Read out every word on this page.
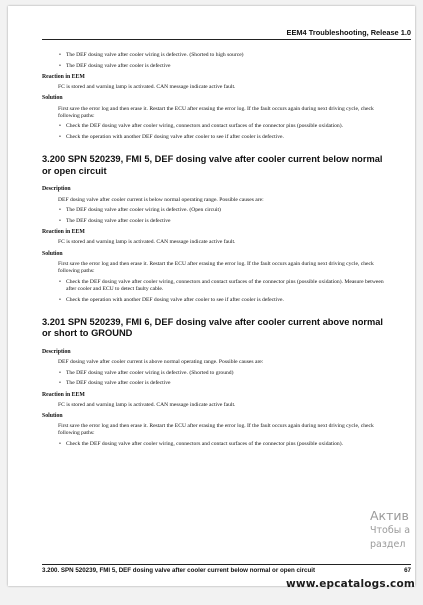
EEM4 Troubleshooting, Release 1.0
• The DEF dosing valve after cooler wiring is defective. (Shorted to high source)
• The DEF dosing valve after cooler is defective
Reaction in EEM
FC is stored and warning lamp is activated. CAN message indicate active fault.
Solution
First save the error log and then erase it. Restart the ECU after erasing the error log. If the fault occurs again during next driving cycle, check following paths:
• Check the DEF dosing valve after cooler wiring, connectors and contact surfaces of the connector pins (possible oxidation).
• Check the operation with another DEF dosing valve after cooler to see if after cooler is defective.
3.200 SPN 520239, FMI 5, DEF dosing valve after cooler current below normal or open circuit
Description
DEF dosing valve after cooler current is below normal operating range. Possible causes are:
• The DEF dosing valve after cooler wiring is defective. (Open circuit)
• The DEF dosing valve after cooler is defective
Reaction in EEM
FC is stored and warning lamp is activated. CAN message indicate active fault.
Solution
First save the error log and then erase it. Restart the ECU after erasing the error log. If the fault occurs again during next driving cycle, check following paths:
• Check the DEF dosing valve after cooler wiring, connectors and contact surfaces of the connector pins (possible oxidation). Measure between after cooler and ECU to detect faulty cable.
• Check the operation with another DEF dosing valve after cooler to see if after cooler is defective.
3.201 SPN 520239, FMI 6, DEF dosing valve after cooler current above normal or short to GROUND
Description
DEF dosing valve after cooler current is above normal operating range. Possible causes are:
• The DEF dosing valve after cooler wiring is defective. (Shorted to ground)
• The DEF dosing valve after cooler is defective
Reaction in EEM
FC is stored and warning lamp is activated. CAN message indicate active fault.
Solution
First save the error log and then erase it. Restart the ECU after erasing the error log. If the fault occurs again during next driving cycle, check following paths:
• Check the DEF dosing valve after cooler wiring, connectors and contact surfaces of the connector pins (possible oxidation).
3.200. SPN 520239, FMI 5, DEF dosing valve after cooler current below normal or open circuit	67
Актив
Чтобы а
раздел
www.epcatalogs.com
